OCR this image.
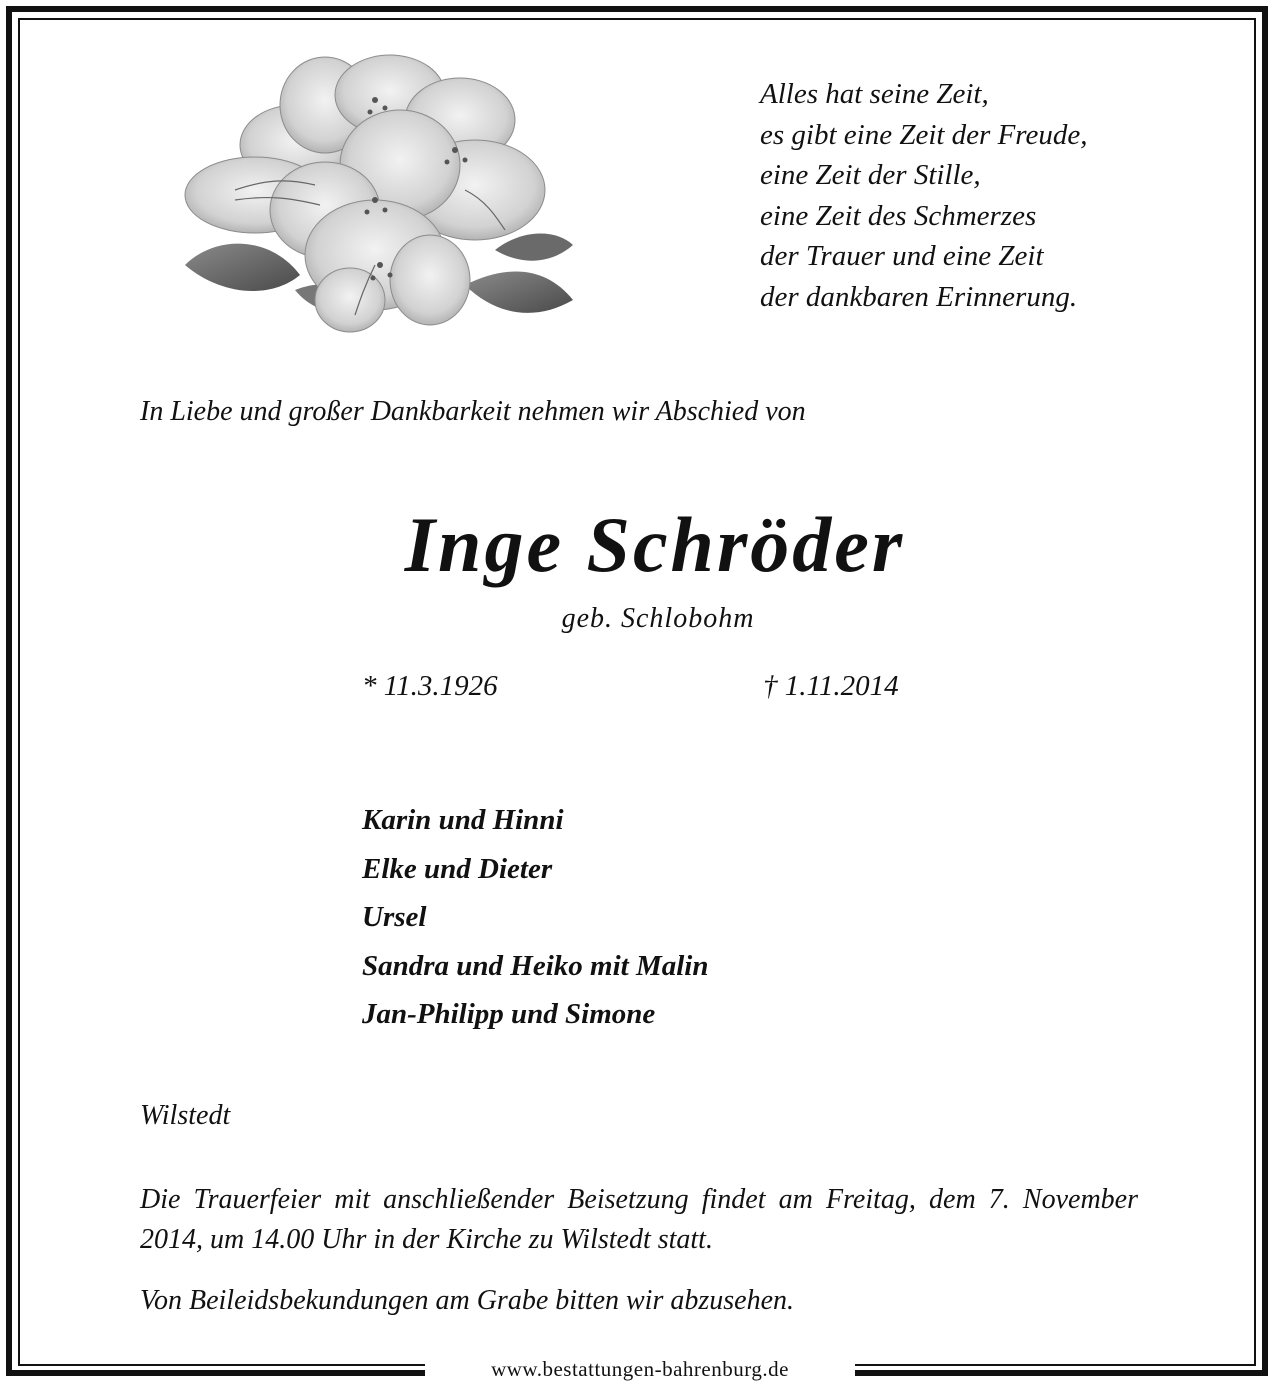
www.bestattungen-bahrenburg.de
Alles hat seine Zeit,
es gibt eine Zeit der Freude,
eine Zeit der Stille,
eine Zeit des Schmerzes
der Trauer und eine Zeit
der dankbaren Erinnerung.
In Liebe und großer Dankbarkeit nehmen wir Abschied von
Inge Schröder
geb. Schlobohm
* 11.3.1926	† 1.11.2014
Karin und Hinni
Elke und Dieter
Ursel
Sandra und Heiko mit Malin
Jan-Philipp und Simone
Wilstedt
Die Trauerfeier mit anschließender Beisetzung findet am Freitag, dem 7. November 2014, um 14.00 Uhr in der Kirche zu Wilstedt statt.
Von Beileidsbekundungen am Grabe bitten wir abzusehen.
